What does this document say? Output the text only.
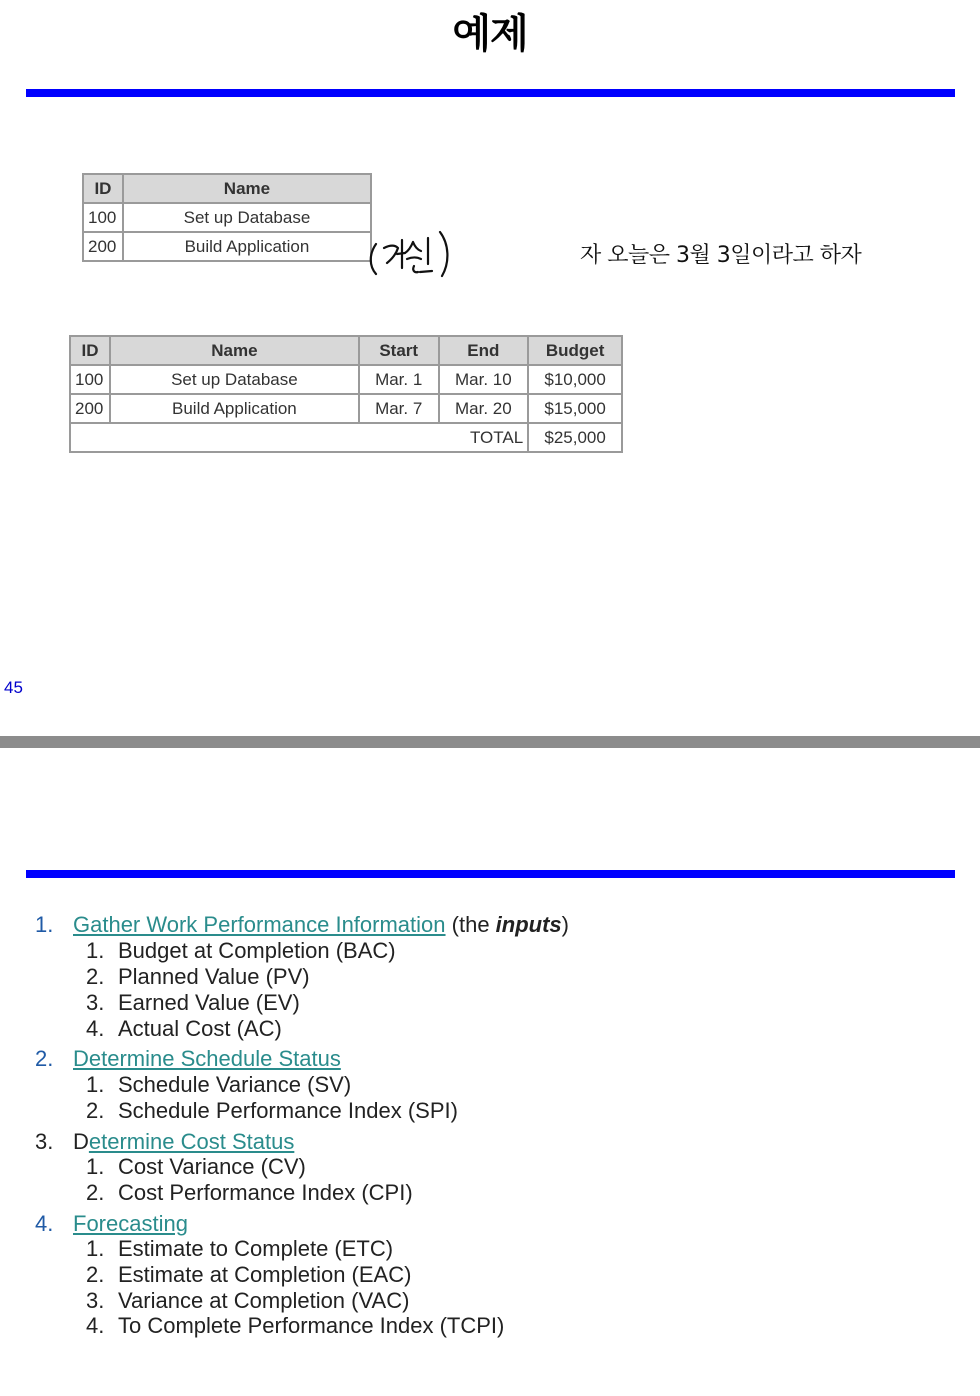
예제
ID	Name
100	Set up Database
200	Build Application	자 오늘은 3월 3일이라고 하자
ID	Name	Start	End	Budget
100	Set up Database	Mar. 1	Mar. 10	$10,000
200	Build Application	Mar. 7	Mar. 20	$15,000
TOTAL				$25,000
45
1. Gather Work Performance Information (the inputs)
1. Budget at Completion (BAC)
2. Planned Value (PV)
3. Earned Value (EV)
4. Actual Cost (AC)
2. Determine Schedule Status
1. Schedule Variance (SV)
2. Schedule Performance Index (SPI)
3. Determine Cost Status
1. Cost Variance (CV)
2. Cost Performance Index (CPI)
4. Forecasting
1. Estimate to Complete (ETC)
2. Estimate at Completion (EAC)
3. Variance at Completion (VAC)
4. To Complete Performance Index (TCPI)
